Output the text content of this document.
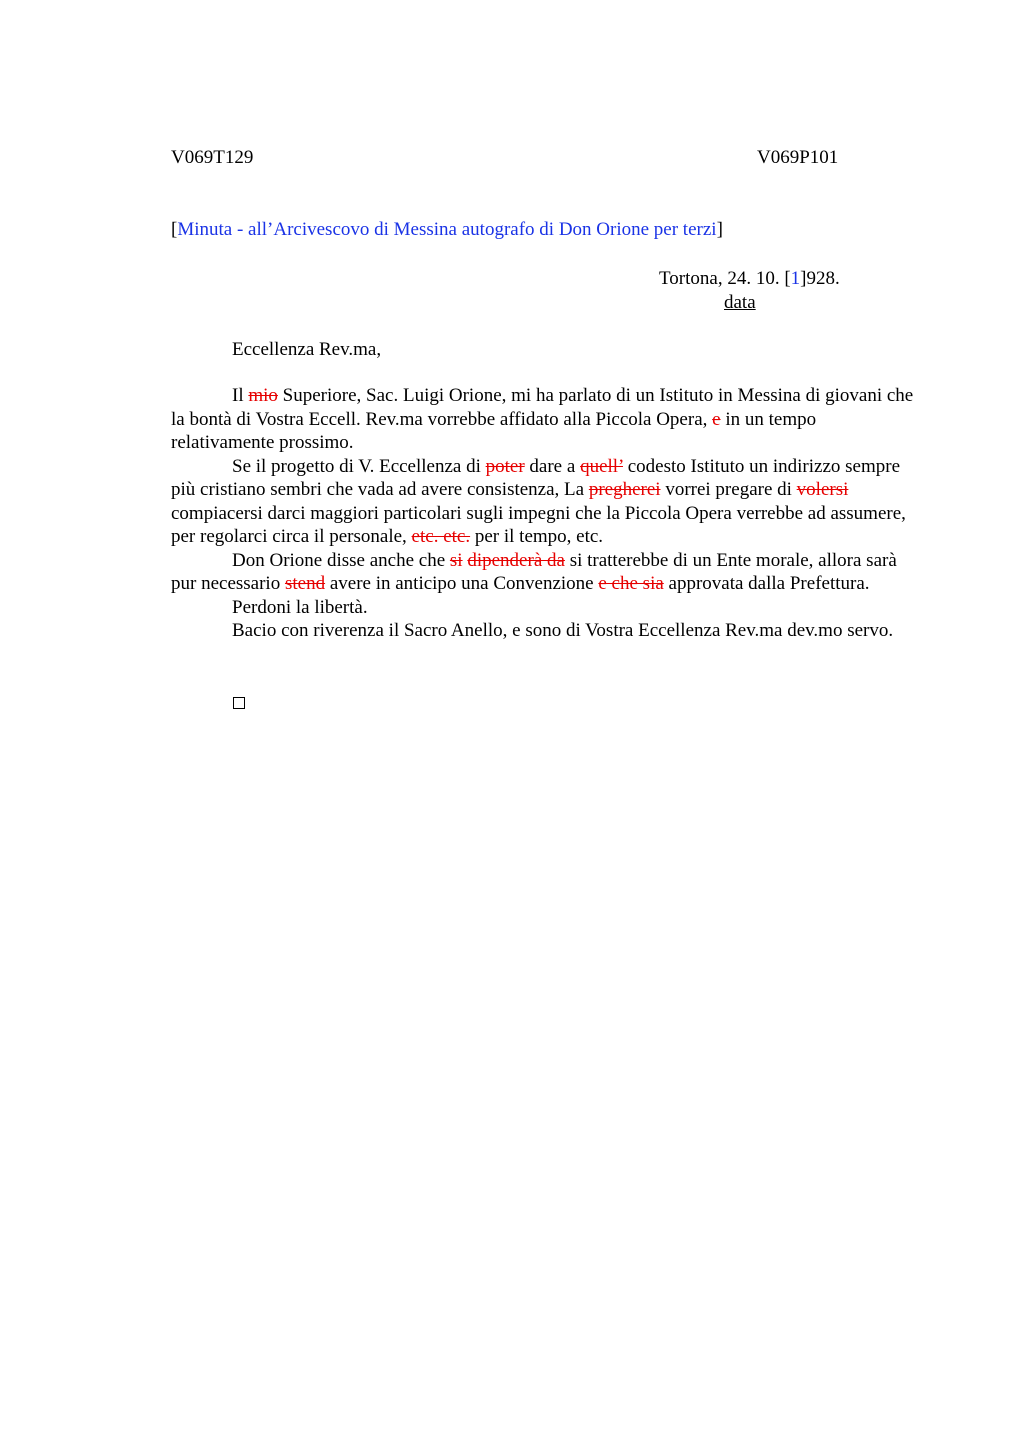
V069T129	V069P101
[Minuta - all’Arcivescovo di Messina autografo di Don Orione per terzi]
Tortona, 24. 10. [1]928.
data
Eccellenza Rev.ma,

Il mio Superiore, Sac. Luigi Orione, mi ha parlato di un Istituto in Messina di giovani che la bontà di Vostra Eccell. Rev.ma vorrebbe affidato alla Piccola Opera, e in un tempo relativamente prossimo.

Se il progetto di V. Eccellenza di poter dare a quell’ codesto Istituto un indirizzo sempre più cristiano sembri che vada ad avere consistenza, La pregherei vorrei pregare di volersi compiacersi darci maggiori particolari sugli impegni che la Piccola Opera verrebbe ad assumere, per regolarci circa il personale, etc. etc. per il tempo, etc.

Don Orione disse anche che si dipenderà da si tratterebbe di un Ente morale, allora sarà pur necessario stend avere in anticipo una Convenzione e che sia approvata dalla Prefettura.

Perdoni la libertà.

Bacio con riverenza il Sacro Anello, e sono di Vostra Eccellenza Rev.ma dev.mo servo.
